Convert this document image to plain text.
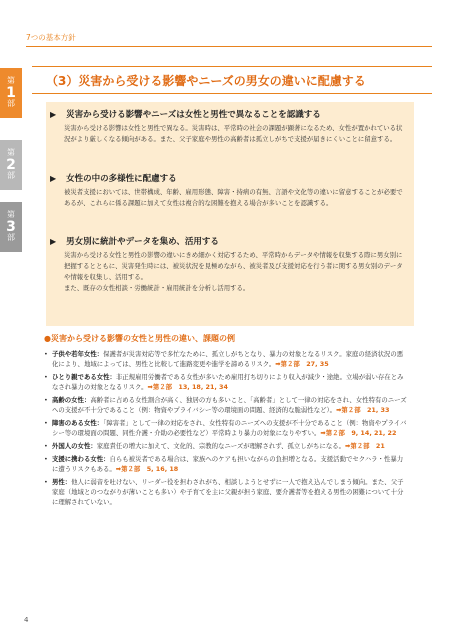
7つの基本方針
第
1
部
第
2
部
第
3
部
（3）災害から受ける影響やニーズの男女の違いに配慮する
▶ 災害から受ける影響やニーズは女性と男性で異なることを認識する
災害から受ける影響は女性と男性で異なる。災害時は、平常時の社会の課題が顕著になるため、女性が置かれている状況がより厳しくなる傾向がある。また、父子家庭や男性の高齢者は孤立しがちで支援が届きにくいことに留意する。
▶ 女性の中の多様性に配慮する
被災者支援においては、世帯構成、年齢、雇用形態、障害・持病の有無、言語や文化等の違いに留意することが必要であるが、これらに係る課題に加えて女性は複合的な困難を抱える場合が多いことを認識する。
▶ 男女別に統計やデータを集め、活用する
災害から受ける女性と男性の影響の違いにきめ細かく対応するため、平常時からデータや情報を収集する際に男女別に把握するとともに、災害発生時には、被災状況を見極めながら、被災者及び支援対応を行う者に関する男女別のデータや情報を収集し、活用する。
また、既存の女性相談・労働統計・雇用統計を分析し活用する。
●災害から受ける影響の女性と男性の違い、課題の例
• 子供や若年女性：保護者が災害対応等で多忙なために、孤立しがちとなり、暴力の対象となるリスク。家庭の経済状況の悪化により、地域によっては、男性と比較して進路変更や進学を諦めるリスク。➡第２部　27, 35
• ひとり親である女性：非正規雇用労働者である女性が多いため雇用打ち切りにより収入が減少・途絶。立場が弱い存在とみなされ暴力の対象となるリスク。➡第２部　13, 18, 21, 34
• 高齢の女性：高齢者に占める女性割合が高く、独居の方も多いこと、「高齢者」として一律の対応をされ、女性特有のニーズへの支援が不十分であること（例：物資やプライバシー等の環境面の問題、経済的な脆弱性など）。➡第２部　21, 33
• 障害のある女性：「障害者」として一律の対応をされ、女性特有のニーズへの支援が不十分であること（例：物資やプライバシー等の環境面の問題、同性介護・介助の必要性など）平常時より暴力の対象になりやすい。➡第２部　9, 14, 21, 22
• 外国人の女性：家庭責任の増大に加えて、文化的、宗教的なニーズが理解されず、孤立しがちになる。➡第２部　21
• 支援に携わる女性：自らも被災者である場合は、家族へのケアも担いながらの負担増となる。支援活動でセクハラ・性暴力に遭うリスクもある。➡第２部　5, 16, 18
• 男性：他人に弱音を吐けない、リーダー役を担わされがち、相談しようとせずに一人で抱え込んでしまう傾向。また、父子家庭（地域とのつながりが薄いことも多い）や子育てを主に父親が担う家庭、要介護者等を抱える男性の困難について十分に理解されていない。
4
